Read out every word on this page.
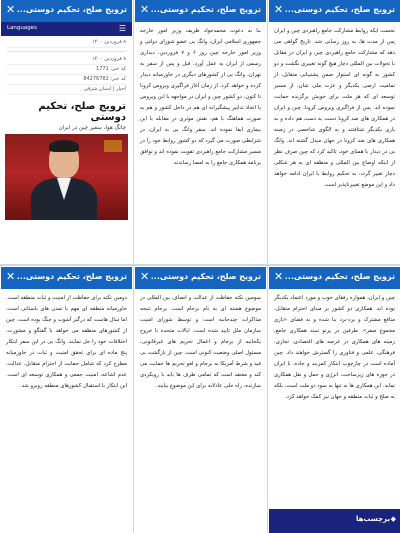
✕ ترویج صلح، تحکیم دوستی...
☰
Languages
۸ فروردین ۱۴۰۰
۸ فروردین ۱۴۰۰
کد خبر: 1771
کد خبر: 84276782
اخبار | استان شرقی
ترویج صلح، تحکیم دوستی
چانگ هوا، سفیر چین در ایران
✕ ترویج صلح، تحکیم دوستی...

بنا به دعوت محمدجواد ظریف وزیر امور خارجه جمهوری اسلامی ایران، وانگ یی عضو شورای دولتی و وزیر امور خارجه چین روز ۶ و ۷ فروردین، دیداری رسمی از ایران به عمل آورد. قبل و پس از سفر به تهران، وانگ یی از کشورهای دیگری در خاورمیانه دیدار کرده و خواهد کرد. از زمان آغاز فراگیری ویروس کرونا تا کنون، دو کشور چین و ایران در مواجهه با این ویروس با اتخاذ تدابیر پیشگیرانه ای هم در داخل کشور و هم به صورت هماهنگ با هم، نقش موثری در مقابله با این بیماری ایفا نموده اند. سفر وانگ یی به ایران، در شرایطی صورت می گیرد که دو کشور روابط خود را در مسیر مشارکت جامع راهبردی تقویت نموده اند و توافق برنامه همکاری جامع را به امضا رساندند.

✕ ترویج صلح، تحکیم دوستی...

نخست ایکه روابط مشارکت جامع راهبردی چین و ایران پس از مدت ها، به روز رسانی شد. تاریخ گواهی می دهد که مشارکت جامع راهبردی چین و ایران در مقابل با تحولات بین المللی دچار هیچ گونه تغییری نگشت و دو کشور به گونه ای استوار ضمن پشتیبانی متقابل، از تمامیت ارضی یکدیگر و عزت ملی شان، از مسیر توسعه ای که هر ملت برای خویش برگزیده حمایت نموده اند. پس از فراگیری ویروس کرونا، چین و ایران در همکاری های ضد کرونا دست به دست هم داده و به یاری یکدیگر شتافتند و به الگوی شاخصی در زمینه همکاری های ضد کرونا در جهان مبدل گشته اند. وانگ یی در دیدار با همتای خود، تاکید کرد که چین صرف نظر از اینکه اوضاع بین المللی و منطقه ای به هر شکلی دچار تغییر گردد، به تحکیم روابط با ایران ادامه خواهد داد و این موضع تغییرناپذیر است.

✕ ترویج صلح، تحکیم دوستی...

دومین نکته برای حفاظت از امنیت و ثبات منطقه است. خاورمیانه منطقه ای مهم با تمدن های باستانی است، اما سال هاست که درگیر آشوب و جنگ بوده است. چین از کشورهای منطقه می خواهد با گفتگو و مشورت، اختلافات خود را حل نمایند. وانگ یی در این سفر ابتکار پنج ماده ای برای تحقق امنیت و ثبات در خاورمیانه مطرح کرد که شامل حمایت از احترام متقابل، عدالت، عدم اشاعه، امنیت جمعی و همکاری توسعه ای است. این ابتکار با استقبال کشورهای منطقه روبرو شد.

✕ ترویج صلح، تحکیم دوستی...

سومین نکته حفاظت از عدالت و انصاف بین المللی در موضوع هسته ای به نام برجام است. برجام نتیجه مذاکرات چندجانبه است و توسط شورای امنیت سازمان ملل تایید شده است. ایالات متحده با خروج یکجانبه از برجام و اعمال تحریم های غیرقانونی، مسئول اصلی وضعیت کنونی است. چین از بازگشت بی قید و شرط آمریکا به برجام و لغو تحریم ها حمایت می کند و معتقد است که تمامی طرف ها باید با رویکردی سازنده، راه حلی عادلانه برای این موضوع بیابند.

✕ ترویج صلح، تحکیم دوستی...

چین و ایران، همواره رفقای خوب و مورد اعتماد یکدیگر بوده اند. همکاری دو کشور بر مبنای احترام متقابل، منافع مشترک و برد-برد بنا شده و نه فضای «بازی مجموع صفر». طرفین در پرتو سند همکاری جامع، زمینه های همکاری در عرصه های اقتصادی، تجاری، فرهنگی، علمی و فناوری را گسترش خواهند داد. چین آماده است در چارچوب ابتکار کمربند و جاده، با ایران در حوزه های زیرساخت، انرژی و حمل و نقل همکاری نماید. این همکاری ها نه تنها به سود دو ملت است، بلکه به صلح و ثبات منطقه و جهان نیز کمک خواهد کرد.

◆
برچسب‌ها
